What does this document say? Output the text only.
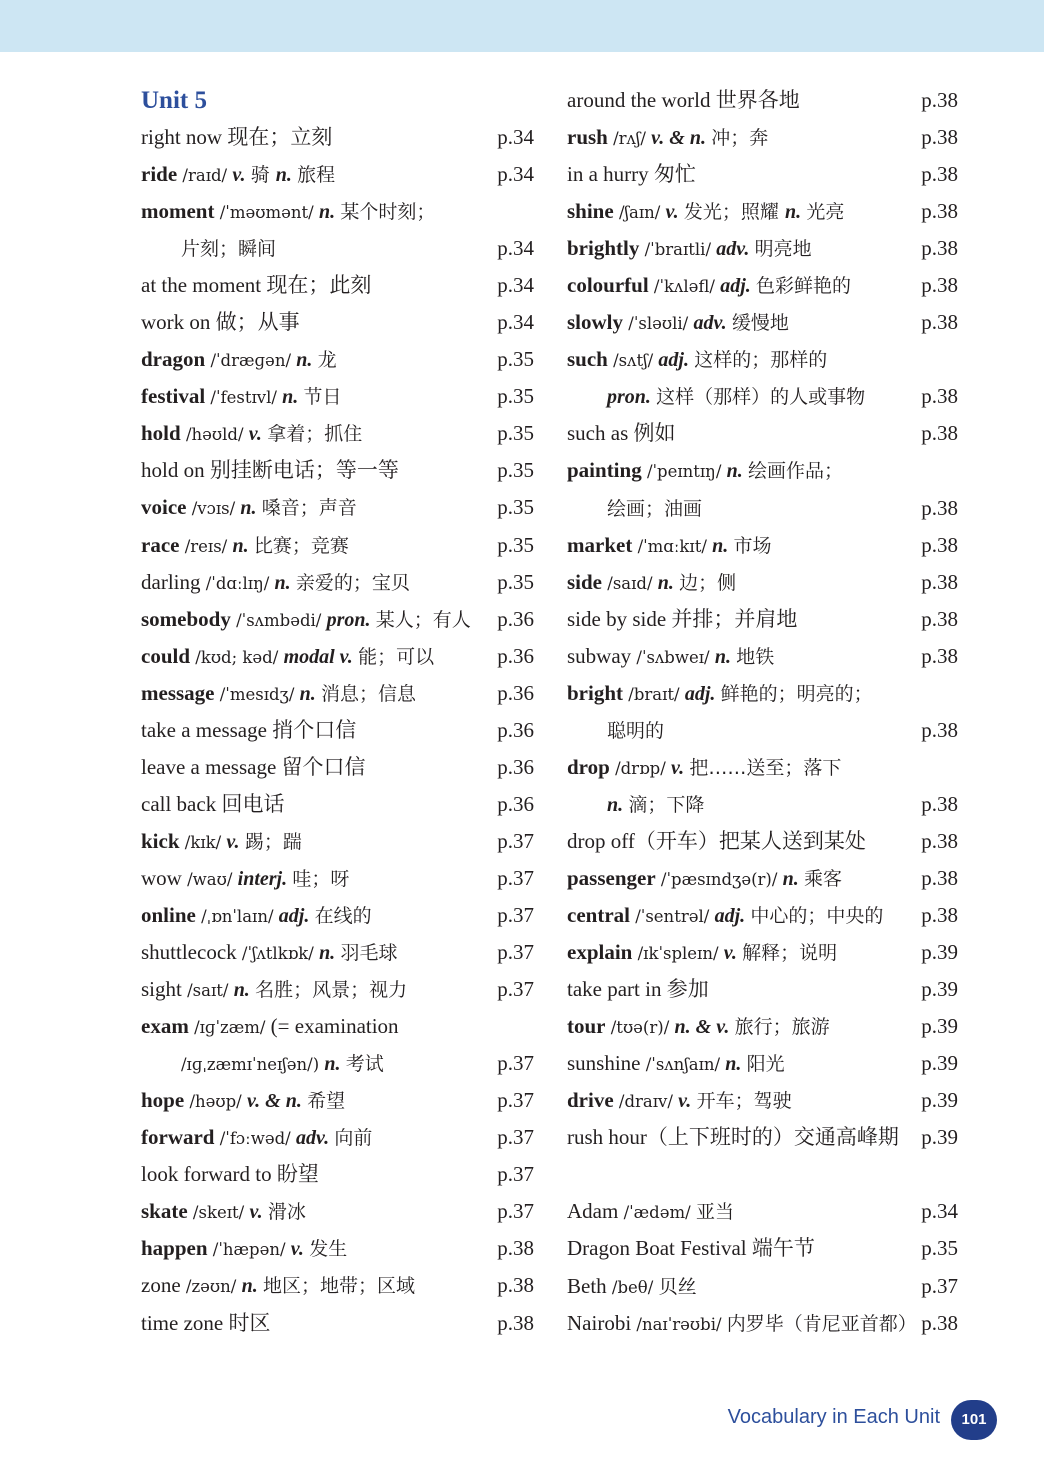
Unit 5
right now 现在；立刻	p.34
ride /raɪd/ v. 骑 n. 旅程	p.34
moment /ˈməʊmənt/ n. 某个时刻；
片刻；瞬间	p.34
at the moment 现在；此刻	p.34
work on 做；从事	p.34
dragon /ˈdræɡən/ n. 龙	p.35
festival /ˈfestɪvl/ n. 节日	p.35
hold /həʊld/ v. 拿着；抓住	p.35
hold on 别挂断电话；等一等	p.35
voice /vɔɪs/ n. 嗓音；声音	p.35
race /reɪs/ n. 比赛；竞赛	p.35
darling /ˈdɑːlɪŋ/ n. 亲爱的；宝贝	p.35
somebody /ˈsʌmbədi/ pron. 某人；有人 p.36
could /kʊd; kəd/ modal v. 能；可以	p.36
message /ˈmesɪdʒ/ n. 消息；信息	p.36
take a message 捎个口信	p.36
leave a message 留个口信	p.36
call back 回电话	p.36
kick /kɪk/ v. 踢；踹	p.37
wow /waʊ/ interj. 哇；呀	p.37
online /ˌɒnˈlaɪn/ adj. 在线的	p.37
shuttlecock /ˈʃʌtlkɒk/ n. 羽毛球	p.37
sight /saɪt/ n. 名胜；风景；视力	p.37
exam /ɪɡˈzæm/ (= examination
/ɪɡˌzæmɪˈneɪʃən/) n. 考试	p.37
hope /həʊp/ v. & n. 希望	p.37
forward /ˈfɔːwəd/ adv. 向前	p.37
look forward to 盼望	p.37
skate /skeɪt/ v. 滑冰	p.37
happen /ˈhæpən/ v. 发生	p.38
zone /zəʊn/ n. 地区；地带；区域	p.38
time zone 时区	p.38
around the world 世界各地	p.38
rush /rʌʃ/ v. & n. 冲；奔	p.38
in a hurry 匆忙	p.38
shine /ʃaɪn/ v. 发光；照耀 n. 光亮	p.38
brightly /ˈbraɪtli/ adv. 明亮地	p.38
colourful /ˈkʌləfl/ adj. 色彩鲜艳的	p.38
slowly /ˈsləʊli/ adv. 缓慢地	p.38
such /sʌtʃ/ adj. 这样的；那样的
pron. 这样（那样）的人或事物	p.38
such as 例如	p.38
painting /ˈpeɪntɪŋ/ n. 绘画作品；
绘画；油画	p.38
market /ˈmɑːkɪt/ n. 市场	p.38
side /saɪd/ n. 边；侧	p.38
side by side 并排；并肩地	p.38
subway /ˈsʌbweɪ/ n. 地铁	p.38
bright /braɪt/ adj. 鲜艳的；明亮的；
聪明的	p.38
drop /drɒp/ v. 把……送至；落下
n. 滴；下降	p.38
drop off（开车）把某人送到某处	p.38
passenger /ˈpæsɪndʒə(r)/ n. 乘客	p.38
central /ˈsentrəl/ adj. 中心的；中央的 p.38
explain /ɪkˈspleɪn/ v. 解释；说明	p.39
take part in 参加	p.39
tour /tʊə(r)/ n. & v. 旅行；旅游	p.39
sunshine /ˈsʌnʃaɪn/ n. 阳光	p.39
drive /draɪv/ v. 开车；驾驶	p.39
rush hour（上下班时的）交通高峰期 p.39
Adam /ˈædəm/ 亚当	p.34
Dragon Boat Festival 端午节	p.35
Beth /beθ/ 贝丝	p.37
Nairobi /naɪˈrəʊbi/ 内罗毕（肯尼亚首都） p.38
Vocabulary in Each Unit	101
